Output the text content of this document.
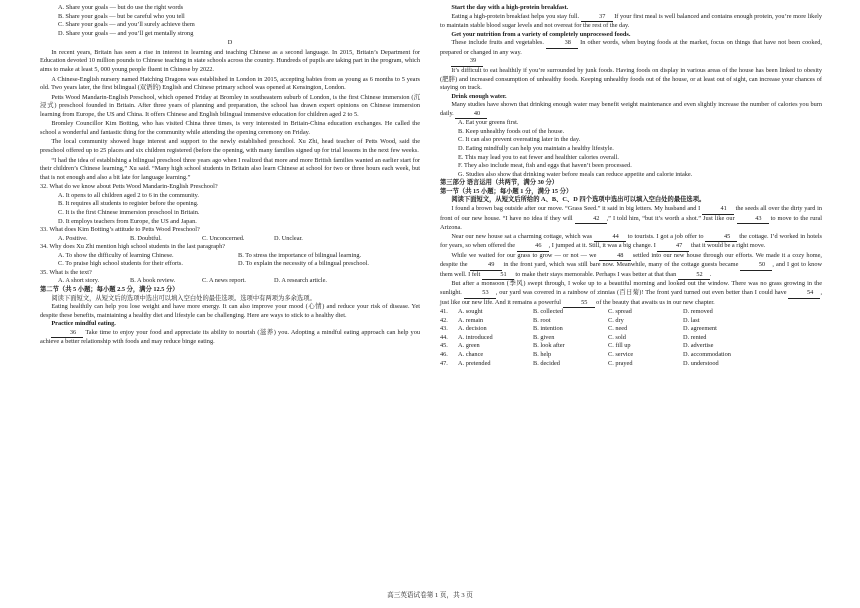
A. Share your goals — but do use the right words

B. Share your goals — but be careful who you tell

C. Share your goals — and you’ll surely achieve them

D. Share your goals — and you’ll get mentally strong

D

In recent years, Britain has seen a rise in interest in learning and teaching Chinese as a second language. In 2015, Britain’s Department for Education devoted 10 million pounds to Chinese teaching in state schools across the country. Hundreds of pupils are taking part in the program, which aims to make at least 5, 000 young people fluent in Chinese by 2022.

A Chinese-English nursery named Hatching Dragons was established in London in 2015, accepting babies from as young as 6 months to 5 years old. Two years later, the first bilingual (双语的) English and Chinese primary school was opened at Kensington, London.

Petts Wood Mandarin-English Preschool, which opened Friday at Bromley in southeastern suburb of London, is the first Chinese immersion (沉浸式) preschool founded in Britain. After three years of planning and preparation, the school has drawn expert opinions on Chinese immersion learning from Europe, the US and China. It offers Chinese and English bilingual immersive education for children aged 2 to 5.

Bromley Councillor Kim Botting, who has visited China three times, is very interested in Britain-China education exchanges. He called the school a wonderful and fantastic thing for the community while attending the opening ceremony on Friday.

The local community showed huge interest and support to the newly established preschool. Xu Zhi, head teacher of Petts Wood, said the preschool offered up to 25 places and six children registered (before the opening, with many families signed up for trial lessons in the next few weeks.

“I had the idea of establishing a bilingual preschool three years ago when I realized that more and more British families wanted an earlier start for their children’s Chinese learning,” Xu said. “Many high school students in Britain also learn Chinese at school for two or three hours each week, but that is not enough and also a bit late for language learning.”

32. What do we know about Petts Wood Mandarin-English Preschool?

A. It opens to all children aged 2 to 6 in the community.

B. It requires all students to register before the opening.

C. It is the first Chinese immersion preschool in Britain.

D. It employs teachers from Europe, the US and Japan.

33. What does Kim Botting’s attitude to Petts Wood Preschool?

A. Positive.	B. Doubtful.	C. Unconcerned.	D. Unclear.

34. Why does Xu Zhi mention high school students in the last paragraph?

A. To show the difficulty of learning Chinese.	B. To stress the importance of bilingual learning.
C. To praise high school students for their efforts.	D. To explain the necessity of a bilingual preschool.

35. What is the text?

A. A short story.	B. A book review.	C. A news report.	D. A research article.

第二节（共 5 小题；每小题 2.5 分，满分 12.5 分）

阅读下面短文，从短文后的选项中选出可以填入空白处的最佳选项。选项中有两项为多余选项。

Eating healthily can help you lose weight and have more energy. It can also improve your mood (心情) and reduce your risk of disease. Yet despite these benefits, maintaining a healthy diet and lifestyle can be challenging. Here are ways to stick to a healthy diet.

Practice mindful eating.

36 Take time to enjoy your food and appreciate its ability to nourish (滋养) you. Adopting a mindful eating approach can help you achieve a better relationship with foods and may reduce binge eating.

Start the day with a high-protein breakfast.

Eating a high-protein breakfast helps you stay full.	37 If your first meal is well balanced and contains enough protein, you’re more likely to maintain stable blood sugar levels and not overeat for the rest of the day.

Get your nutrition from a variety of completely unprocessed foods.

These include fruits and vegetables.	38 In other words, when buying foods at the market, focus on things that have not been cooked, prepared or changed in any way.

39

It’s difficult to eat healthily if you’re surrounded by junk foods. Having foods on display in various areas of the house has been linked to obesity (肥胖) and increased consumption of unhealthy foods. Keeping unhealthy foods out of the house, or at least out of sight, can increase your chances of staying on track.

Drink enough water.

Many studies have shown that drinking enough water may benefit weight maintenance and even slightly increase the number of calories you burn daily.	40

A. Eat your greens first.

B. Keep unhealthy foods out of the house.

C. It can also prevent overeating later in the day.

D. Eating mindfully can help you maintain a healthy lifestyle.

E. This may lead you to eat fewer and healthier calories overall.

F. They also include meat, fish and eggs that haven’t been processed.

G. Studies also show that drinking water before meals can reduce appetite and calorie intake.

第三部分 语言运用（共两节，满分 30 分）

第一节（共 15 小题；每小题 1 分，满分 15 分）

阅读下面短文，从短文后所给的 A、B、C、D 四个选项中选出可以填入空白处的最佳选项。

I found a brown bag outside after our move. “Grass Seed.” it said in big letters. My husband and I	41 the seeds all over the dirty yard in front of our new house. “I have no idea if they will	42 ,” I told him, “but it’s worth a shot.” Just like our	43 to move to the rural Arizona.

Near our new house sat a charming cottage, which was	44 to tourists. I got a job offer to	45 the cottage. I’d worked in hotels for years, so when offered the	46 , I jumped at it. Still, it was a big change. I	47 that it would be a right move.

While we waited for our grass to grow — or not — we	48 settled into our new house through our efforts. We made it a cozy home, despite the	49 in the front yard, which was still bare now. Meanwhile, many of the cottage guests became	50 , and I got to know them well. I felt	51 to make their stays memorable. Perhaps I was better at that than	52 .

But after a monsoon (季风) swept through, I woke up to a beautiful morning and looked out the window. There was no grass growing in the sunlight.	53 , our yard was covered in a rainbow of zinnias (百日菊)! The front yard turned out even better than I could have	54 , just like our new life. And it remains a powerful	55 of the beauty that awaits us in our new chapter.

41.	A. sought	B. collected	C. spread	D. removed
42.	A. remain	B. root	C. dry	D. last
43.	A. decision	B. intention	C. need	D. agreement
44.	A. introduced	B. given	C. sold	D. rented
45.	A. green	B. look after	C. fill up	D. advertise
46.	A. chance	B. help	C. service	D. accommodation
47.	A. pretended	B. decided	C. prayed	D. understood
高三英语试卷第 1 页，共 3 页
